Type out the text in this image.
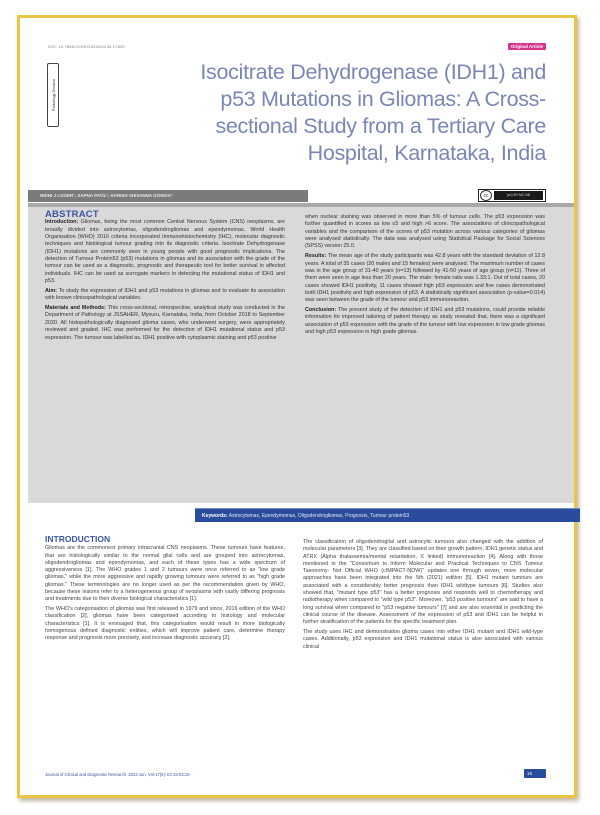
DOI: 10.7860/JCDR/2023/61234.17839
Pathology Section
Original Article
Isocitrate Dehydrogenase (IDH1) and p53 Mutations in Gliomas: A Cross-sectional Study from a Tertiary Care Hospital, Karnataka, India
NIDHI J LOGER¹, SAPNA PATIL², HARISH SHIVANNA GOWDA³	cc	(cc) BY-NC-ND
ABSTRACT

Introduction: Gliomas, being the most common Central Nervous System (CNS) neoplasms, are broadly divided into astrocytomas, oligodendrogliomas and ependymomas. World Health Organisation (WHO) 2016 criteria incorporated Immunohistochemistry (IHC), molecular diagnostic techniques and histological tumour grading into its diagnostic criteria. Isocitrate Dehydrogenase (IDH1) mutations are commonly seen in young people with good prognostic implications. The detection of Tumour Protein53 (p53) mutations in gliomas and its association with the grade of the tumour can be used as a diagnostic, prognostic and therapeutic tool for better survival in affected individuals. IHC can be used as surrogate markers in detecting the mutational status of IDH1 and p53.

Aim: To study the expression of IDH1 and p53 mutations in gliomas and to evaluate its association with known clinicopathological variables.

Materials and Methods: This cross-sectional, retrospective, analytical study was conducted in the Department of Pathology at JSSAHER, Mysuru, Karnataka, India, from October 2018 to September 2020. All histopathologically diagnosed glioma cases, who underwent surgery, were appropriately reviewed and graded. IHC was performed for the detection of IDH1 mutational status and p53 expression. The tumour was labelled as, IDH1 positive with cytoplasmic staining and p53 positive

when nuclear staining was observed in more than 5% of tumour cells. The p53 expression was further quantified in scores as low ≤5 and high >6 score. The associations of clinicopathological variables and the comparison of the scores of p53 mutation across various categories of gliomas were analysed statistically. The data was analysed using Statistical Package for Social Sciences (SPSS) version 25.0.

Results: The mean age of the study participants was 42.8 years with the standard deviation of 12.8 years. A total of 35 cases (20 males and 15 females) were analysed. The maximum number of cases was in the age group of 31-40 years (n=13) followed by 41-50 years of age group (n=11). Three of them were seen in age less than 20 years. The male: female ratio was 1.33:1. Out of total cases, 20 cases showed IDH1 positivity, 11 cases showed high p53 expression and five cases demonstrated both IDH1 positivity and high expression of p53. A statistically significant association (p-value=0.014) was seen between the grade of the tumour and p53 immunoreaction.

Conclusion: The present study of the detection of IDH1 and p53 mutations, could provide reliable information for improved tailoring of patient therapy as study revealed that, there was a significant association of p53 expression with the grade of the tumour with low expression in low grade gliomas and high p53 expression in high grade gliomas.

Keywords: Astrocytomas, Ependymomas, Oligodendrogliomas, Prognosis, Tumour protein53
INTRODUCTION

Gliomas are the commonest primary intracranial CNS neoplasms. These tumours have features, that are histologically similar to the normal glial cells and are grouped into astrocytomas, oligodendrogliomas and ependymomas, and each of these types has a wide spectrum of aggressiveness [1]. The WHO grades 1 and 2 tumours were once referred to as "low grade gliomas," while the more aggressive and rapidly growing tumours were referred to as "high grade gliomas." These terminologies are no longer used as per the recommendation given by WHO, because these lesions refer to a heterogeneous group of neoplasms with vastly differing prognosis and treatments due to their diverse biological characteristics [1].

The WHO's categorisation of gliomas was first released in 1979 and since, 2016 edition of the WHO classification [2], gliomas have been categorised according to histology and molecular characteristics [1]. It is envisaged that, this categorisation would result in more biologically homogenous defined diagnostic entities, which will improve patient care, determine therapy response and prognosis more precisely, and increase diagnostic accuracy [2].

The classification of oligodendroglial and astrocytic tumours also changed with the addition of molecular parameters [3]. They are classified based on their growth pattern, IDH1 genetic status and ATRX (Alpha thalassemia/mental retardation, X linked) immunoreaction [4]. Along with those mentioned in the "Consortium to Inform Molecular and Practical Techniques to CNS Tumour Taxonomy- Not Official WHO (cIMPACT-NOW)" updates one through seven, more molecular approaches have been integrated into the 5th (2021) edition [5]. IDH1 mutant tumours are associated with a considerably better prognosis than IDH1 wildtype tumours [6]. Studies also showed that, "mutant type p53" has a better prognosis and responds well to chemotherapy and radiotherapy when compared to "wild type p53". Moreover, "p53 positive tumours" are said to have a long survival when compared to "p53 negative tumours" [7] and are also essential in predicting the clinical course of the disease. Assessment of the expression of p53 and IDH1 can be helpful in further stratification of the patients for the specific treatment plan.

The study uses IHC and demonstration glioma cases into either IDH1 mutant and IDH1 wild-type cases. Additionally, p53 expression and IDH1 mutational status is also associated with various clinical

Journal of Clinical and Diagnostic Research. 2023 Jun, Vol-17(6): EC15-EC19	15
